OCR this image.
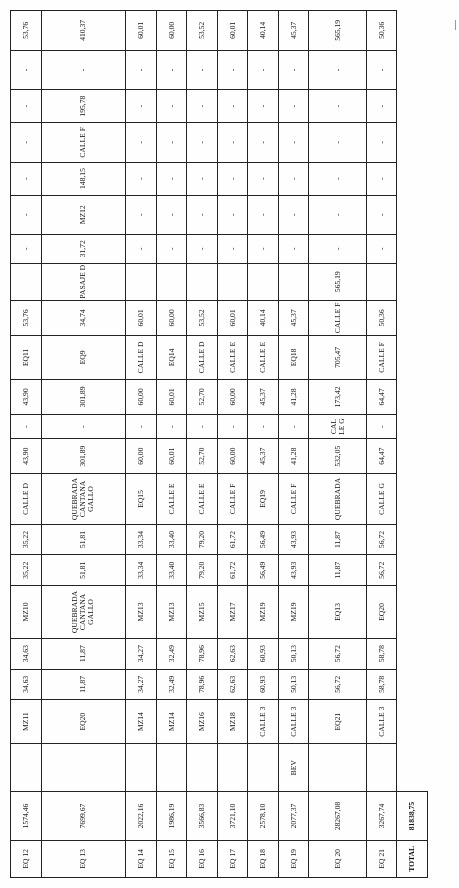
EQ 12	1574,46		MZ11	34,63	34,63	MZ10	35,22	35,22	CALLE D	43,90	-	43,90	EQ11	53,76		-	-	-	-	-	-	53,76
EQ 13	7699,67		EQ20	11,87	11,87	QUEBRADA CANTANA GALLO	51,81	51,81	QUEBRADA CANTANA GALLO	301,89	-	301,89	EQ9	34,74	PASAJE D	31,72	MZ12	148,15	CALLE F	195,78	-	410,37
EQ 14	2022,16		MZ14	34,27	34,27	MZ13	33,34	33,34	EQ15	60,00	-	60,00	CALLE D	60,01		-	-	-	-	-	-	60,01
EQ 15	1986,19		MZ14	32,49	32,49	MZ13	33,40	33,40	CALLE E	60,01	-	60,01	EQ14	60,00		-	-	-	-	-	-	60,00
EQ 16	3566,83		MZ16	78,96	78,96	MZ15	79,20	79,20	CALLE E	52,70	-	52,70	CALLE D	53,52		-	-	-	-	-	-	53,52
EQ 17	3721,10		MZ18	62,63	62,63	MZ17	61,72	61,72	CALLE F	60,00	-	60,00	CALLE E	60,01		-	-	-	-	-	-	60,01
EQ 18	2578,10		CALLE 3	60,93	60,93	MZ19	56,49	56,49	EQ19	45,37	-	45,37	CALLE E	40,14		-	-	-	-	-	-	40,14
EQ 19	2077,37	BEV	CALLE 3	50,13	50,13	MZ19	43,93	43,93	CALLE F	41,28	-	41,28	EQ18	45,37		-	-	-	-	-	-	45,37
EQ 20	28267,08		EQ21	56,72	56,72	EQ13	11,87	11,87	QUEBRADA	532,05	CAL LE G	173,42	705,47	CALLE F	565,19	-	-	-	-	-	-	565,19
EQ 21	3267,74		CALLE 3	58,78	58,78	EQ20	56,72	56,72	CALLE G	64,47	-	64,47	CALLE F	50,36		-	-	-	-	-	-	50,36
TOTAL	81838,75																					
